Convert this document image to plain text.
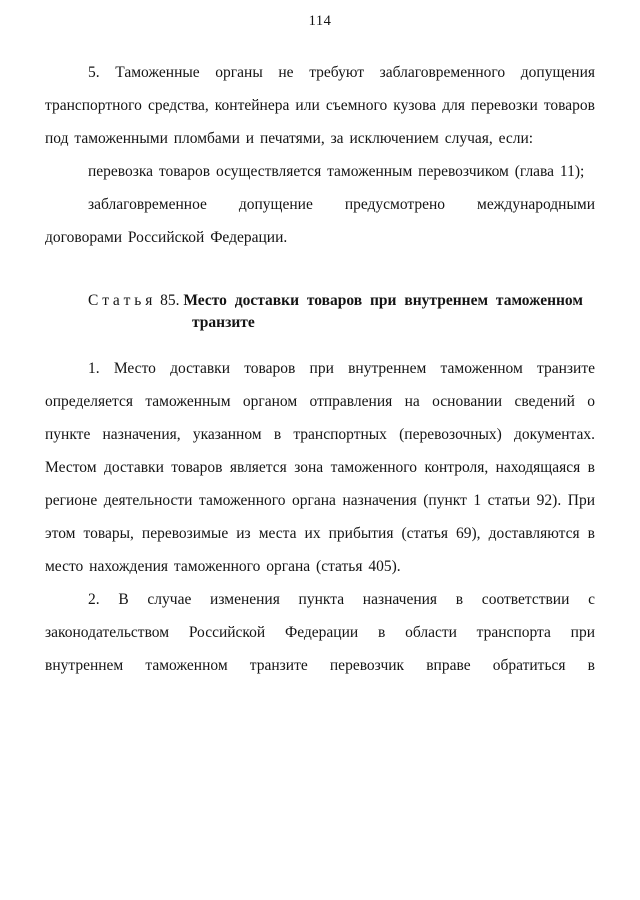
114

5. Таможенные органы не требуют заблаговременного допущения транспортного средства, контейнера или съемного кузова для перевозки товаров под таможенными пломбами и печатями, за исключением случая, если:

перевозка товаров осуществляется таможенным перевозчиком (глава 11);

заблаговременное допущение предусмотрено международными договорами Российской Федерации.

С т а т ь я  85. Место доставки товаров при внутреннем таможенном транзите

1. Место доставки товаров при внутреннем таможенном транзите определяется таможенным органом отправления на основании сведений о пункте назначения, указанном в транспортных (перевозочных) документах. Местом доставки товаров является зона таможенного контроля, находящаяся в регионе деятельности таможенного органа назначения (пункт 1 статьи 92). При этом товары, перевозимые из места их прибытия (статья 69), доставляются в место нахождения таможенного органа (статья 405).

2. В случае изменения пункта назначения в соответствии с законодательством Российской Федерации в области транспорта при внутреннем таможенном транзите перевозчик вправе обратиться в
